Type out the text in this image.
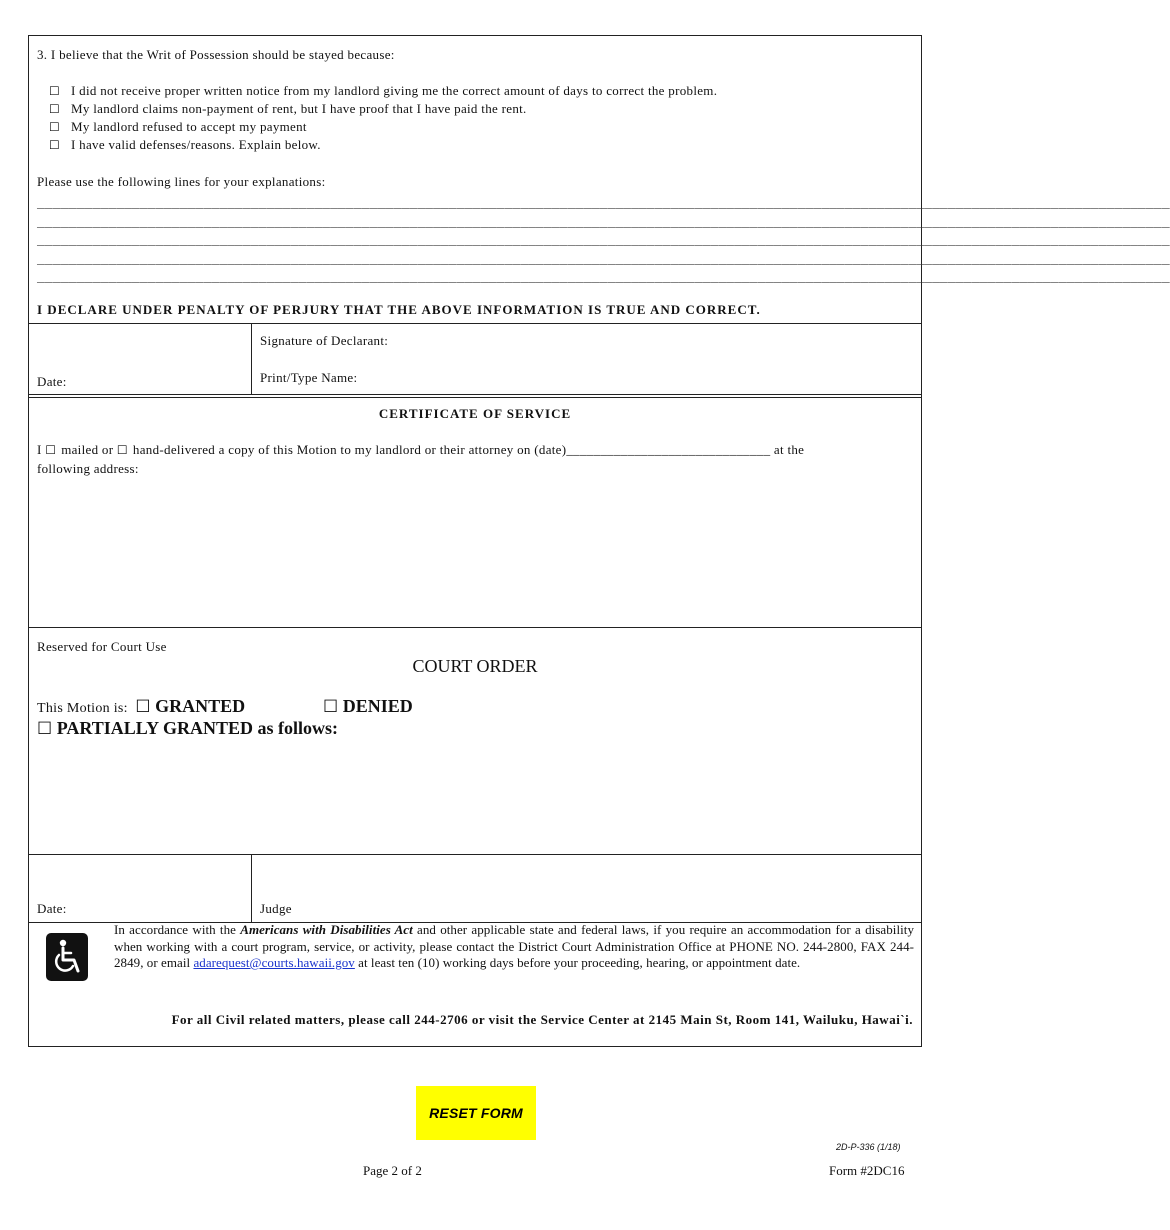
3. I believe that the Writ of Possession should be stayed because:
☐ I did not receive proper written notice from my landlord giving me the correct amount of days to correct the problem.
☐ My landlord claims non-payment of rent, but I have proof that I have paid the rent.
☐ My landlord refused to accept my payment
☐ I have valid defenses/reasons. Explain below.
Please use the following lines for your explanations:
_______________________________________________________________________________________________________________________________________________
_______________________________________________________________________________________________________________________________________________
_______________________________________________________________________________________________________________________________________________
_______________________________________________________________________________________________________________________________________________
_______________________________________________________________________________________________________________________________________________
I DECLARE UNDER PENALTY OF PERJURY THAT THE ABOVE INFORMATION IS TRUE AND CORRECT.
Date:
Signature of Declarant:
Print/Type Name:
CERTIFICATE OF SERVICE
I ☐ mailed or ☐ hand-delivered a copy of this Motion to my landlord or their attorney on (date)______________________________ at the
following address:
Reserved for Court Use
COURT ORDER
This Motion is: ☐ GRANTED	☐ DENIED
☐ PARTIALLY GRANTED as follows:
Date:	Judge
In accordance with the Americans with Disabilities Act and other applicable state and federal laws, if you require an accommodation for a disability when working with a court program, service, or activity, please contact the District Court Administration Office at PHONE NO. 244-2800, FAX 244-2849, or email adarequest@courts.hawaii.gov at least ten (10) working days before your proceeding, hearing, or appointment date.
For all Civil related matters, please call 244-2706 or visit the Service Center at 2145 Main St, Room 141, Wailuku, Hawai`i.
RESET FORM
2D-P-336 (1/18)
Page 2 of 2	Form #2DC16
